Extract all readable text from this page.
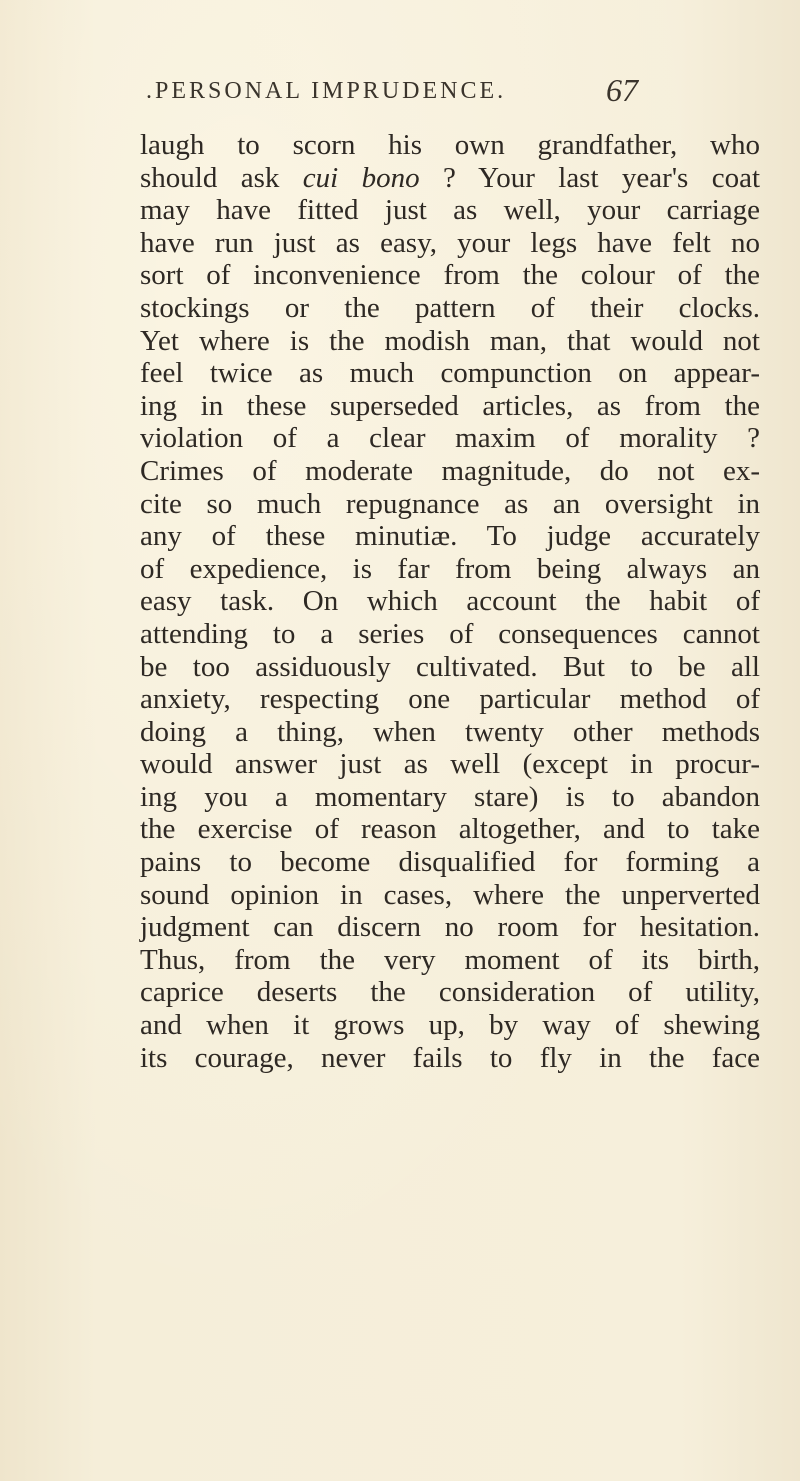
.PERSONAL IMPRUDENCE.	67
laugh to scorn his own grandfather, who
should ask cui bono ? Your last year's coat
may have fitted just as well, your carriage
have run just as easy, your legs have felt no
sort of inconvenience from the colour of the
stockings or the pattern of their clocks.
Yet where is the modish man, that would not
feel twice as much compunction on appear-
ing in these superseded articles, as from the
violation of a clear maxim of morality ?
Crimes of moderate magnitude, do not ex-
cite so much repugnance as an oversight in
any of these minutiæ. To judge accurately
of expedience, is far from being always an
easy task. On which account the habit of
attending to a series of consequences cannot
be too assiduously cultivated. But to be all
anxiety, respecting one particular method of
doing a thing, when twenty other methods
would answer just as well (except in procur-
ing you a momentary stare) is to abandon
the exercise of reason altogether, and to take
pains to become disqualified for forming a
sound opinion in cases, where the unperverted
judgment can discern no room for hesitation.
Thus, from the very moment of its birth,
caprice deserts the consideration of utility,
and when it grows up, by way of shewing
its courage, never fails to fly in the face
